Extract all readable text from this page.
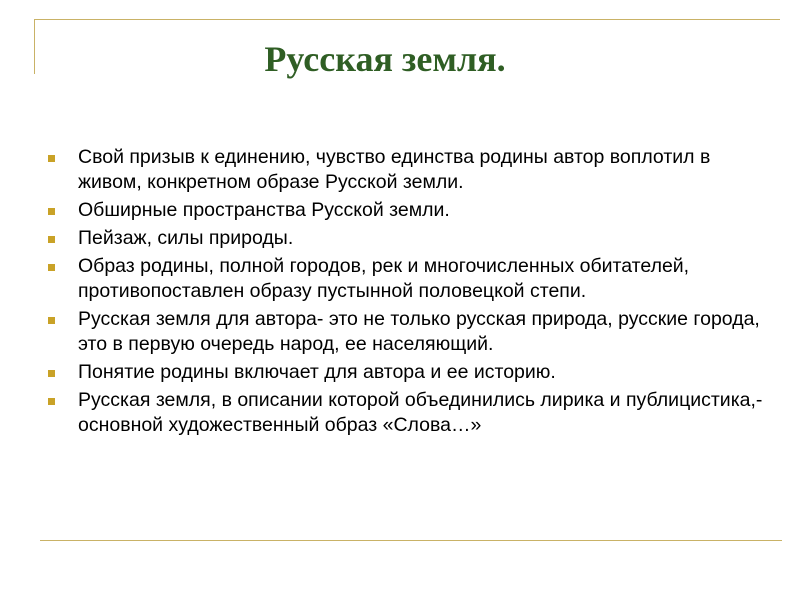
Русская земля.
Свой призыв к единению, чувство единства родины автор воплотил в живом, конкретном образе Русской земли.
Обширные пространства Русской земли.
Пейзаж, силы природы.
Образ родины, полной городов, рек и многочисленных обитателей, противопоставлен образу пустынной половецкой степи.
Русская земля для автора- это не только русская природа, русские города, это в первую очередь народ, ее населяющий.
Понятие родины включает для автора и ее историю.
Русская земля, в описании которой объединились лирика и публицистика,- основной художественный образ «Слова…»
